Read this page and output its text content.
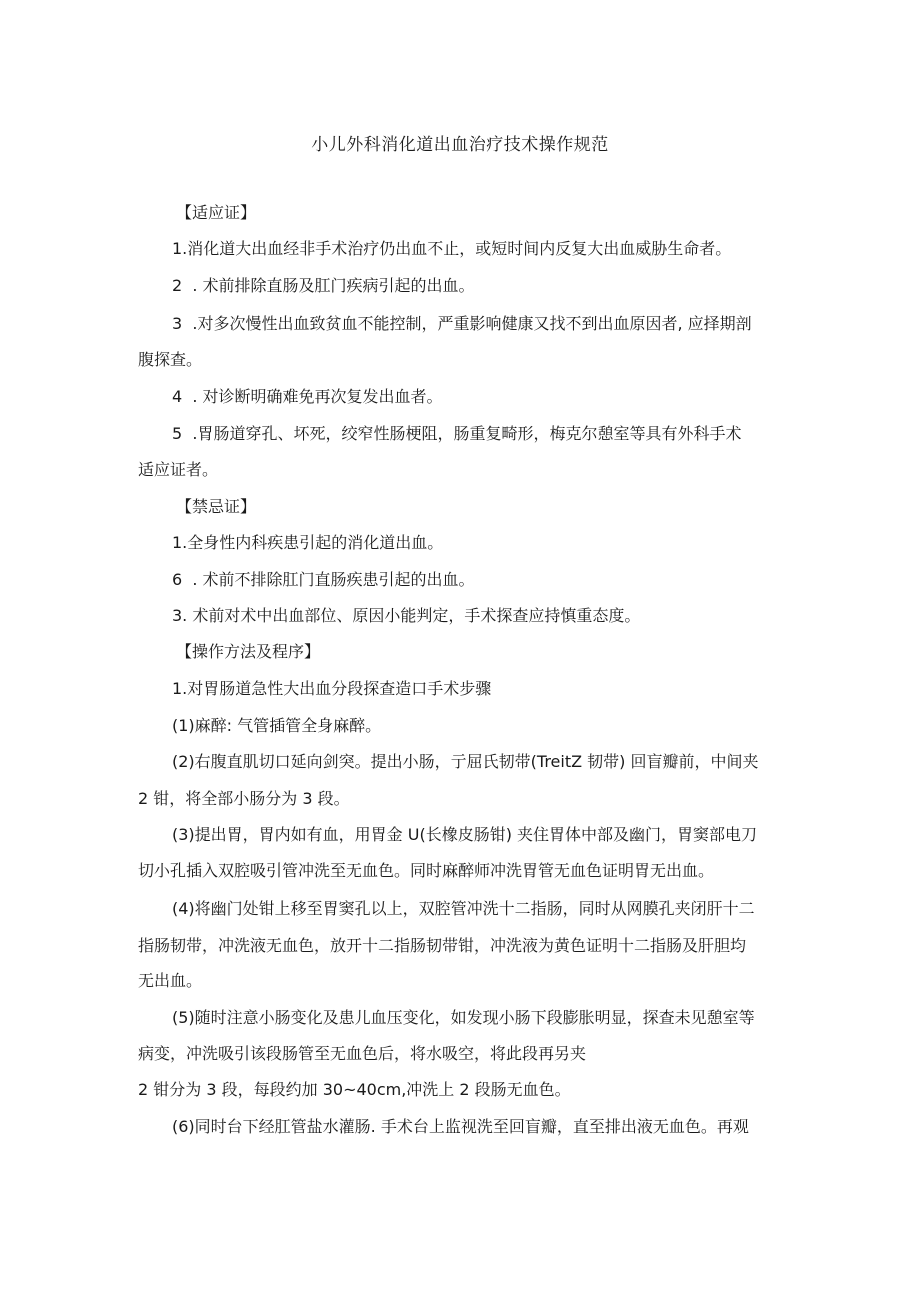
小儿外科消化道出血治疗技术操作规范
【适应证】
1.消化道大出血经非手术治疗仍出血不止，或短时间内反复大出血威胁生命者。
2  . 术前排除直肠及肛门疾病引起的出血。
3  .对多次慢性出血致贫血不能控制，严重影响健康又找不到出血原因者, 应择期剖
腹探查。
4  . 对诊断明确难免再次复发出血者。
5  .胃肠道穿孔、坏死，绞窄性肠梗阻，肠重复畸形，梅克尔憩室等具有外科手术
适应证者。
【禁忌证】
1.全身性内科疾患引起的消化道出血。
6  . 术前不排除肛门直肠疾患引起的出血。
3. 术前对术中出血部位、原因小能判定，手术探查应持慎重态度。
【操作方法及程序】
1.对胃肠道急性大出血分段探查造口手术步骤
(1)麻醉: 气管插管全身麻醉。
(2)右腹直肌切口延向剑突。提出小肠，亍屈氏韧带(TreitZ 韧带) 回盲瓣前，中间夹
2 钳，将全部小肠分为 3 段。
(3)提出胃，胃内如有血，用胃金 U(长橡皮肠钳) 夹住胃体中部及幽门，胃窦部电刀
切小孔插入双腔吸引管冲洗至无血色。同时麻醉师冲洗胃管无血色证明胃无出血。
(4)将幽门处钳上移至胃窦孔以上，双腔管冲洗十二指肠，同时从网膜孔夹闭肝十二
指肠韧带，冲洗液无血色，放开十二指肠韧带钳，冲洗液为黄色证明十二指肠及肝胆均
无出血。
(5)随时注意小肠变化及患儿血压变化，如发现小肠下段膨胀明显，探查未见憩室等
病变，冲洗吸引该段肠管至无血色后，将水吸空，将此段再另夹
2 钳分为 3 段，每段约加 30~40cm,冲洗上 2 段肠无血色。
(6)同时台下经肛管盐水灌肠. 手术台上监视洗至回盲瓣，直至排出液无血色。再观
